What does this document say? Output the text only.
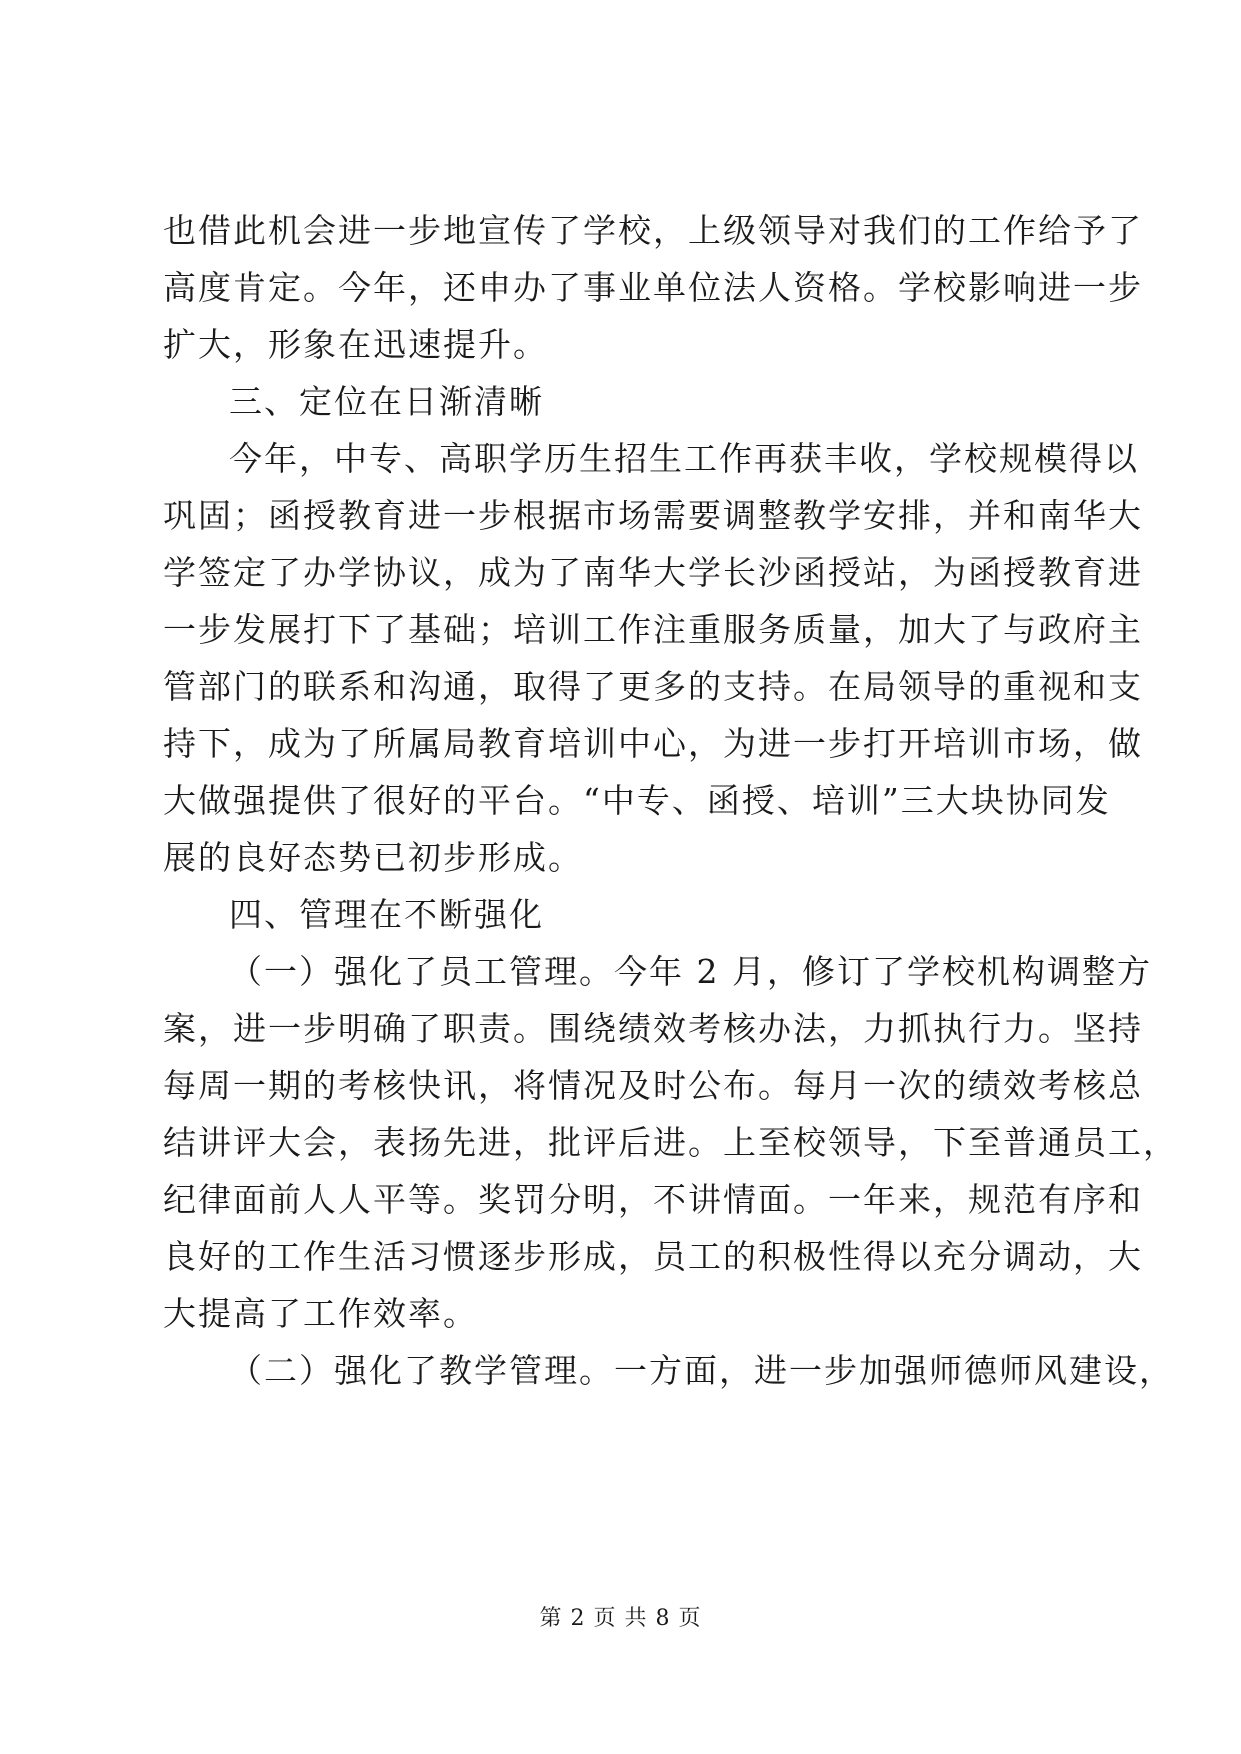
也借此机会进一步地宣传了学校，上级领导对我们的工作给予了
高度肯定。今年，还申办了事业单位法人资格。学校影响进一步
扩大，形象在迅速提升。
三、定位在日渐清晰
今年，中专、高职学历生招生工作再获丰收，学校规模得以
巩固；函授教育进一步根据市场需要调整教学安排，并和南华大
学签定了办学协议，成为了南华大学长沙函授站，为函授教育进
一步发展打下了基础；培训工作注重服务质量，加大了与政府主
管部门的联系和沟通，取得了更多的支持。在局领导的重视和支
持下，成为了所属局教育培训中心，为进一步打开培训市场，做
大做强提供了很好的平台。“中专、函授、培训”三大块协同发
展的良好态势已初步形成。
四、管理在不断强化
（一）强化了员工管理。今年 2 月，修订了学校机构调整方
案，进一步明确了职责。围绕绩效考核办法，力抓执行力。坚持
每周一期的考核快讯，将情况及时公布。每月一次的绩效考核总
结讲评大会，表扬先进，批评后进。上至校领导，下至普通员工，
纪律面前人人平等。奖罚分明，不讲情面。一年来，规范有序和
良好的工作生活习惯逐步形成，员工的积极性得以充分调动，大
大提高了工作效率。
（二）强化了教学管理。一方面，进一步加强师德师风建设，
第 2 页 共 8 页
